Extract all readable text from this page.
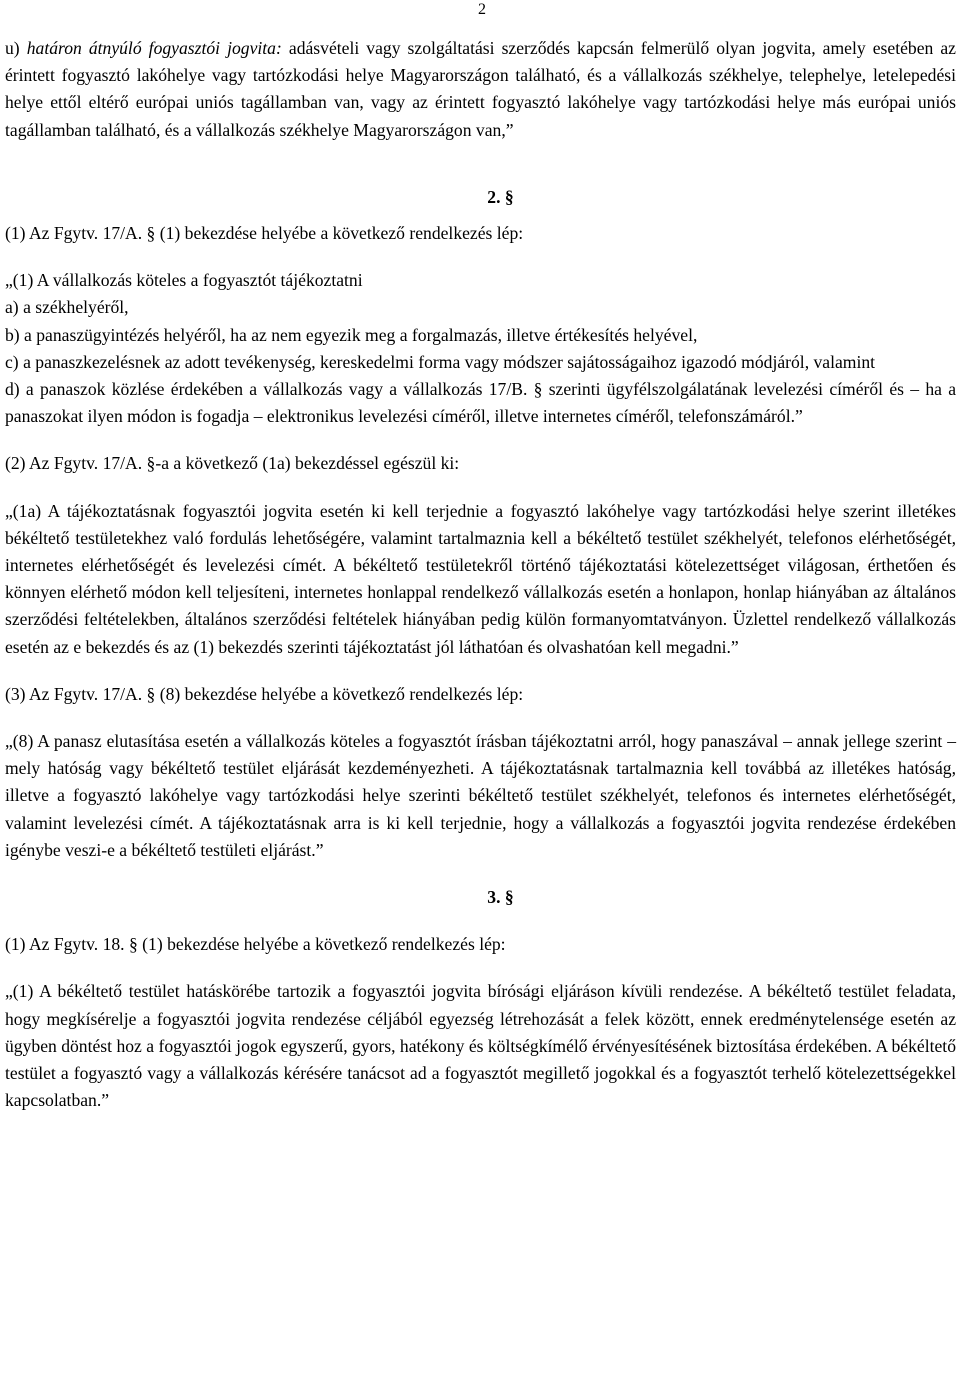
2

u) határon átnyúló fogyasztói jogvita: adásvételi vagy szolgáltatási szerződés kapcsán felmerülő olyan jogvita, amely esetében az érintett fogyasztó lakóhelye vagy tartózkodási helye Magyarországon található, és a vállalkozás székhelye, telephelye, letelepedési helye ettől eltérő európai uniós tagállamban van, vagy az érintett fogyasztó lakóhelye vagy tartózkodási helye más európai uniós tagállamban található, és a vállalkozás székhelye Magyarországon van,”

2. §

(1) Az Fgytv. 17/A. § (1) bekezdése helyébe a következő rendelkezés lép:

„(1) A vállalkozás köteles a fogyasztót tájékoztatni

a) a székhelyéről,

b) a panaszügyintézés helyéről, ha az nem egyezik meg a forgalmazás, illetve értékesítés helyével,

c) a panaszkezelésnek az adott tevékenység, kereskedelmi forma vagy módszer sajátosságaihoz igazodó módjáról, valamint

d) a panaszok közlése érdekében a vállalkozás vagy a vállalkozás 17/B. § szerinti ügyfélszolgálatának levelezési címéről és – ha a panaszokat ilyen módon is fogadja – elektronikus levelezési címéről, illetve internetes címéről, telefonszámáról.”

(2) Az Fgytv. 17/A. §-a a következő (1a) bekezdéssel egészül ki:

„(1a) A tájékoztatásnak fogyasztói jogvita esetén ki kell terjednie a fogyasztó lakóhelye vagy tartózkodási helye szerint illetékes békéltető testületekhez való fordulás lehetőségére, valamint tartalmaznia kell a békéltető testület székhelyét, telefonos elérhetőségét, internetes elérhetőségét és levelezési címét. A békéltető testületekről történő tájékoztatási kötelezettséget világosan, érthetően és könnyen elérhető módon kell teljesíteni, internetes honlappal rendelkező vállalkozás esetén a honlapon, honlap hiányában az általános szerződési feltételekben, általános szerződési feltételek hiányában pedig külön formanyomtatványon. Üzlettel rendelkező vállalkozás esetén az e bekezdés és az (1) bekezdés szerinti tájékoztatást jól láthatóan és olvashatóan kell megadni.”

(3) Az Fgytv. 17/A. § (8) bekezdése helyébe a következő rendelkezés lép:

„(8) A panasz elutasítása esetén a vállalkozás köteles a fogyasztót írásban tájékoztatni arról, hogy panaszával – annak jellege szerint – mely hatóság vagy békéltető testület eljárását kezdeményezheti. A tájékoztatásnak tartalmaznia kell továbbá az illetékes hatóság, illetve a fogyasztó lakóhelye vagy tartózkodási helye szerinti békéltető testület székhelyét, telefonos és internetes elérhetőségét, valamint levelezési címét. A tájékoztatásnak arra is ki kell terjednie, hogy a vállalkozás a fogyasztói jogvita rendezése érdekében igénybe veszi-e a békéltető testületi eljárást.”

3. §

(1) Az Fgytv. 18. § (1) bekezdése helyébe a következő rendelkezés lép:

„(1) A békéltető testület hatáskörébe tartozik a fogyasztói jogvita bírósági eljáráson kívüli rendezése. A békéltető testület feladata, hogy megkísérelje a fogyasztói jogvita rendezése céljából egyezség létrehozását a felek között, ennek eredménytelensége esetén az ügyben döntést hoz a fogyasztói jogok egyszerű, gyors, hatékony és költségkímélő érvényesítésének biztosítása érdekében. A békéltető testület a fogyasztó vagy a vállalkozás kérésére tanácsot ad a fogyasztót megillető jogokkal és a fogyasztót terhelő kötelezettségekkel kapcsolatban.”
